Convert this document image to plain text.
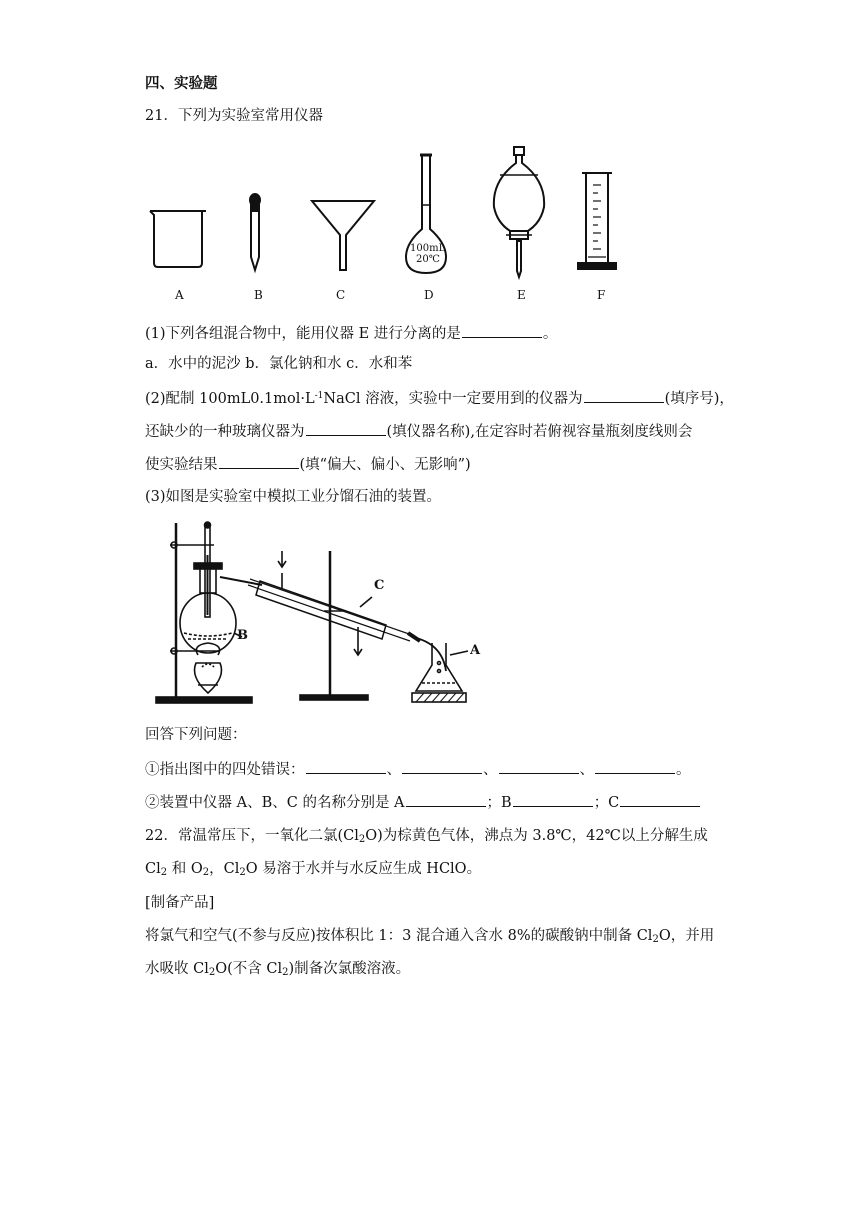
四、实验题
21．下列为实验室常用仪器
100mL
20℃
A	B	C	D	E	F
(1)下列各组混合物中，能用仪器 E 进行分离的是	。
a．水中的泥沙 b．氯化钠和水 c．水和苯
(2)配制 $100mL0.1mol\cdot L^{-1}NaCl$ 溶液，实验中一定要用到的仪器为	(填序号)，
还缺少的一种玻璃仪器为	(填仪器名称),在定容时若俯视容量瓶刻度线则会
使实验结果	(填“偏大、偏小、无影响”)
(3)如图是实验室中模拟工业分馏石油的装置。
B
C
A
回答下列问题：
①指出图中的四处错误：	、	、	、	。
②装置中仪器 A、B、C 的名称分别是 A	；B	；C
22．常温常压下，一氧化二氯$(Cl_2O)$为棕黄色气体，沸点为 3.8℃，42℃以上分解生成
$Cl_2$ 和 $O_2$，$Cl_2O$ 易溶于水并与水反应生成 HClO。
[制备产品]
将氯气和空气(不参与反应)按体积比 1：3 混合通入含水 8%的碳酸钠中制备 $Cl_2O$，并用
水吸收 $Cl_2O$(不含 $Cl_2$)制备次氯酸溶液。
